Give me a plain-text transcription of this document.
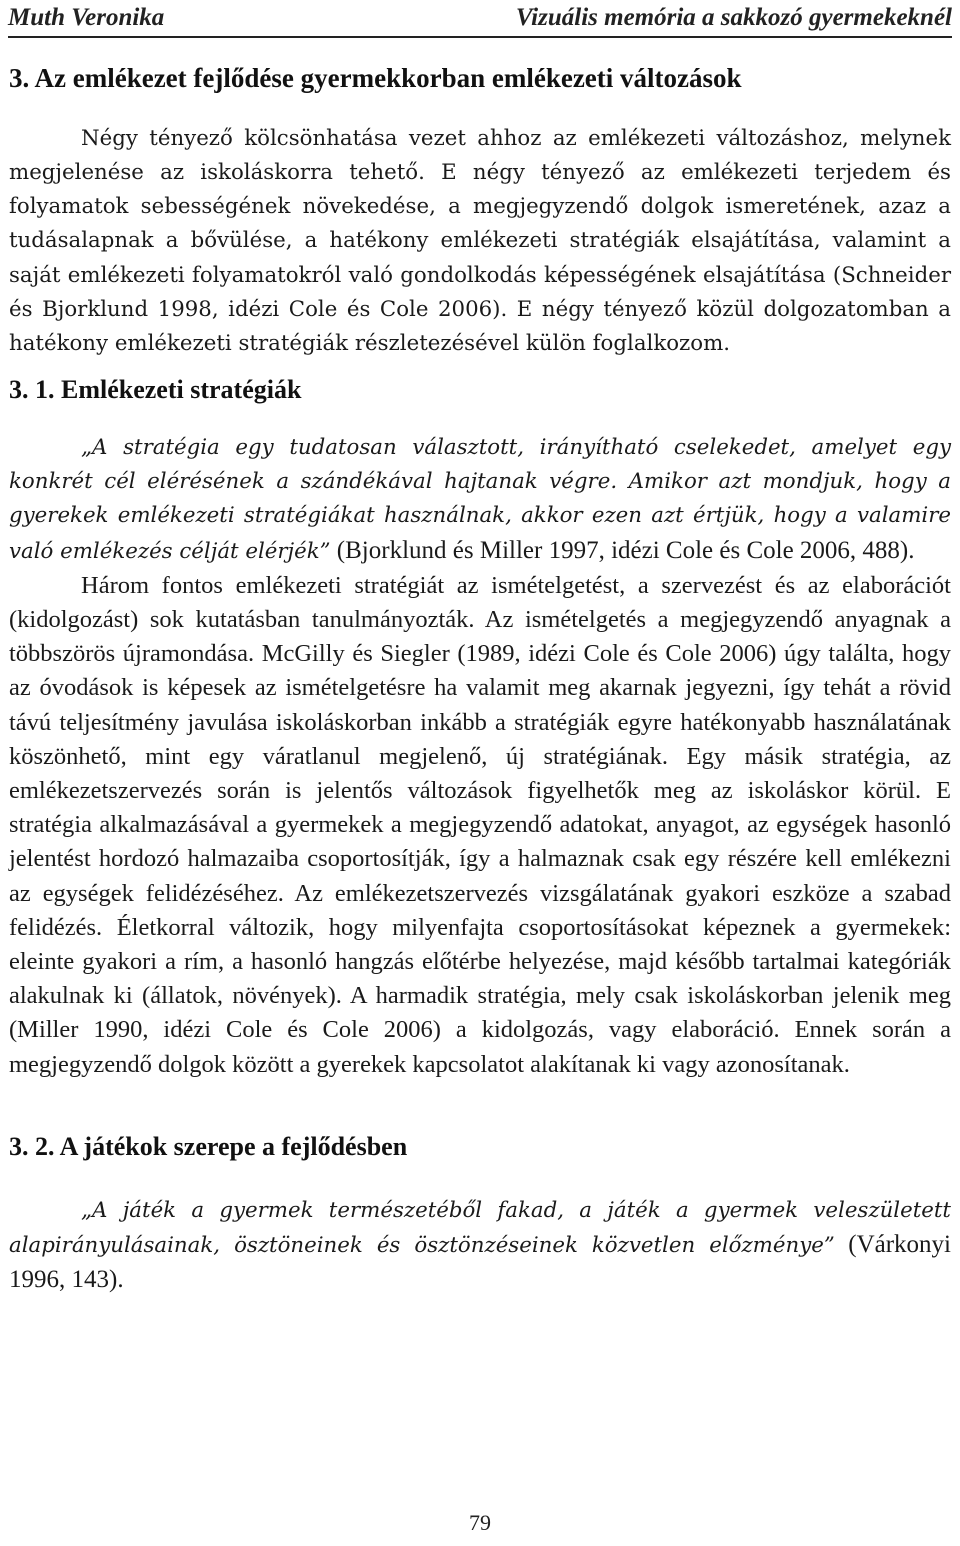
Muth Veronika	Vizuális memória a sakkozó gyermekeknél
3. Az emlékezet fejlődése gyermekkorban emlékezeti változások

Négy tényező kölcsönhatása vezet ahhoz az emlékezeti változáshoz, melynek megjelenése az iskoláskorra tehető. E négy tényező az emlékezeti terjedem és folyamatok sebességének növekedése, a megjegyzendő dolgok ismeretének, azaz a tudásalapnak a bővülése, a hatékony emlékezeti stratégiák elsajátítása, valamint a saját emlékezeti folyamatokról való gondolkodás képességének elsajátítása (Schneider és Bjorklund 1998, idézi Cole és Cole 2006). E négy tényező közül dolgozatomban a hatékony emlékezeti stratégiák részletezésével külön foglalkozom.

3. 1. Emlékezeti stratégiák

„A stratégia egy tudatosan választott, irányítható cselekedet, amelyet egy konkrét cél elérésének a szándékával hajtanak végre. Amikor azt mondjuk, hogy a gyerekek emlékezeti stratégiákat használnak, akkor ezen azt értjük, hogy a valamire való emlékezés célját elérjék” (Bjorklund és Miller 1997, idézi Cole és Cole 2006, 488).

Három fontos emlékezeti stratégiát az ismételgetést, a szervezést és az elaborációt (kidolgozást) sok kutatásban tanulmányozták. Az ismételgetés a megjegyzendő anyagnak a többszörös újramondása. McGilly és Siegler (1989, idézi Cole és Cole 2006) úgy találta, hogy az óvodások is képesek az ismételgetésre ha valamit meg akarnak jegyezni, így tehát a rövid távú teljesítmény javulása iskoláskorban inkább a stratégiák egyre hatékonyabb használatának köszönhető, mint egy váratlanul megjelenő, új stratégiának. Egy másik stratégia, az emlékezetszervezés során is jelentős változások figyelhetők meg az iskoláskor körül. E stratégia alkalmazásával a gyermekek a megjegyzendő adatokat, anyagot, az egységek hasonló jelentést hordozó halmazaiba csoportosítják, így a halmaznak csak egy részére kell emlékezni az egységek felidézéséhez. Az emlékezetszervezés vizsgálatának gyakori eszköze a szabad felidézés. Életkorral változik, hogy milyenfajta csoportosításokat képeznek a gyermekek: eleinte gyakori a rím, a hasonló hangzás előtérbe helyezése, majd később tartalmai kategóriák alakulnak ki (állatok, növények). A harmadik stratégia, mely csak iskoláskorban jelenik meg (Miller 1990, idézi Cole és Cole 2006) a kidolgozás, vagy elaboráció. Ennek során a megjegyzendő dolgok között a gyerekek kapcsolatot alakítanak ki vagy azonosítanak.

3. 2. A játékok szerepe a fejlődésben

„A játék a gyermek természetéből fakad, a játék a gyermek veleszületett alapirányulásainak, ösztöneinek és ösztönzéseinek közvetlen előzménye” (Várkonyi 1996, 143).

79
